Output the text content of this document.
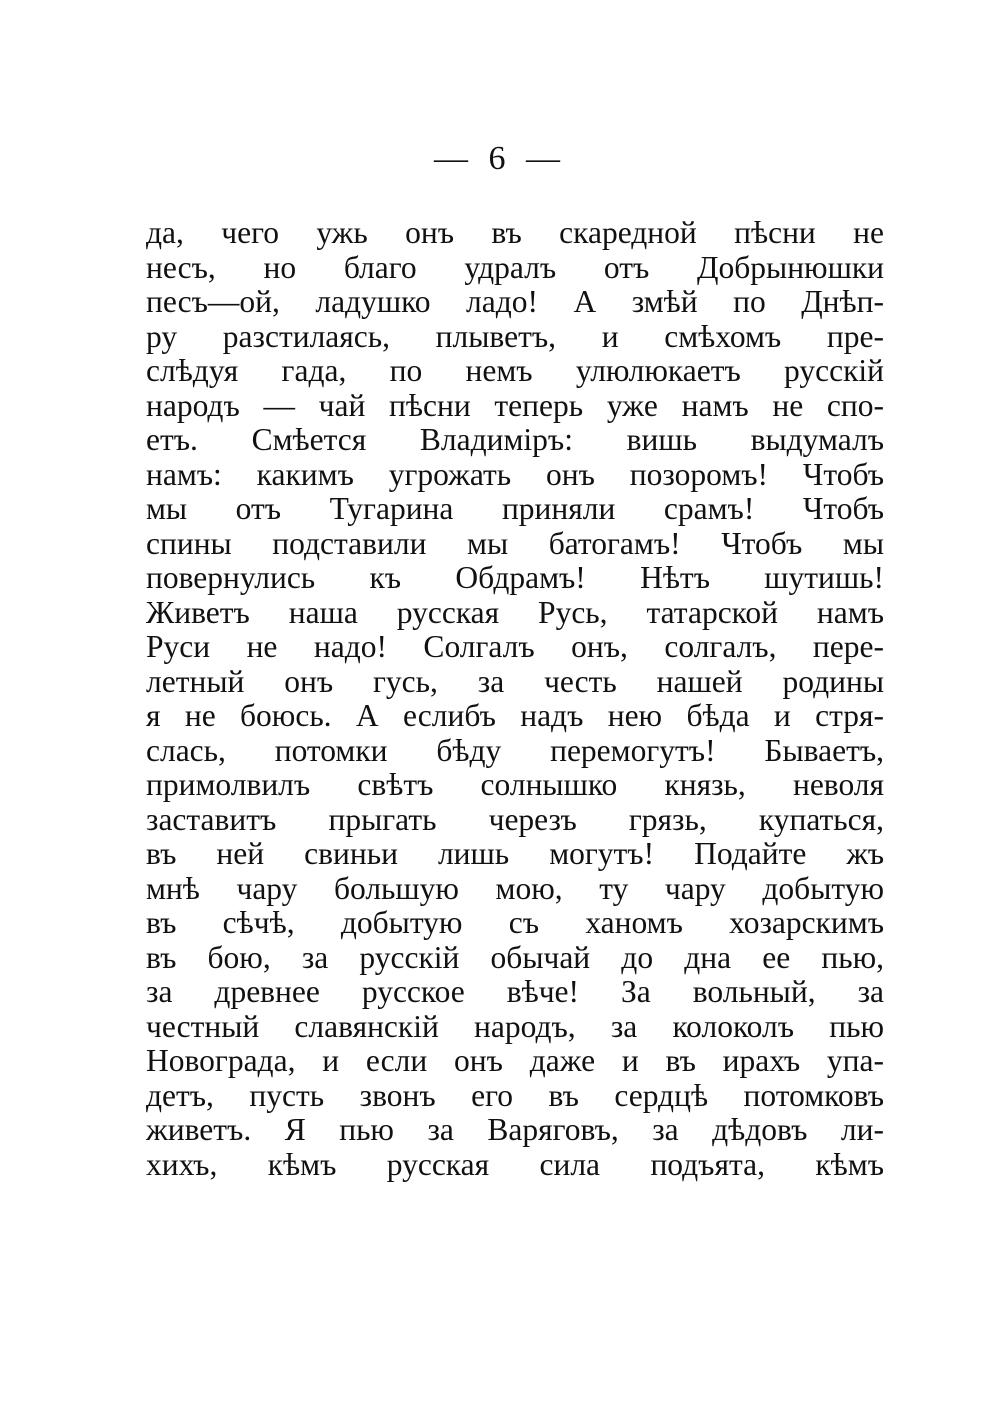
— 6 —
да, чего ужь онъ въ скаредной пѣсни не
несъ, но благо удралъ отъ Добрынюшки
песъ—ой, ладушко ладо! А змѣй по Днѣп-
ру разстилаясь, плыветъ, и смѣхомъ пре-
слѣдуя гада, по немъ улюлюкаетъ русскій
народъ — чай пѣсни теперь ужe намъ не спо-
етъ. Смѣется Владиміръ: вишь выдумалъ
намъ: какимъ угрожать онъ позоромъ! Чтобъ
мы отъ Тугарина приняли срамъ! Чтобъ
спины подставили мы батогамъ! Чтобъ мы
повернулись къ Обдрамъ! Нѣтъ шутишь!
Живетъ наша русская Русь, татарской намъ
Руси не надо! Солгалъ онъ, солгалъ, пере-
летный онъ гусь, за честь нашей родины
я не боюсь. А еслибъ надъ нею бѣда и стря-
слась, потомки бѣду перемогутъ! Бываетъ,
примолвилъ свѣтъ солнышко князь, неволя
заставитъ прыгать черезъ грязь, купаться,
въ ней свиньи лишь могутъ! Подайте жъ
мнѣ чару большую мою, ту чару добытую
въ сѣчѣ, добытую съ ханомъ хозарскимъ
въ бою, за русскій обычай до дна ее пью,
за древнее русское вѣче! За вольный, за
честный славянскій народъ, за колоколъ пью
Новограда, и если онъ даже и въ ирахъ упа-
детъ, пусть звонъ его въ сердцѣ потомковъ
живетъ. Я пью за Варяговъ, за дѣдовъ ли-
хихъ, кѣмъ русская сила подъята, кѣмъ
